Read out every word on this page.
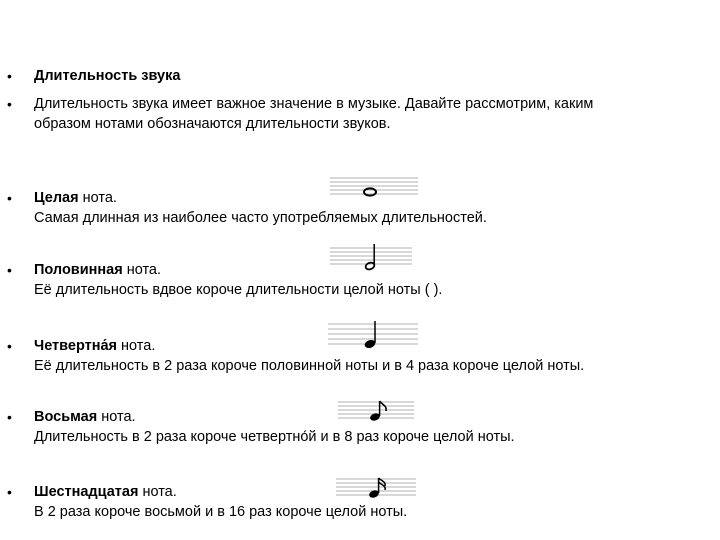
• Длительность звука
• Длительность звука имеет важное значение в музыке. Давайте рассмотрим, каким
образом нотами обозначаются длительности звуков.
• Целая нота.
Самая длинная из наиболее часто употребляемых длительностей.
• Половинная нота.
Её длительность вдвое короче длительности целой ноты ( ).
• Четвертна́я нота.
Её длительность в 2 раза короче половинной ноты и в 4 раза короче целой ноты.
• Восьмая нота.
Длительность в 2 раза короче четвертно́й и в 8 раз короче целой ноты.
• Шестнадцатая нота.
В 2 раза короче восьмой и в 16 раз короче целой ноты.
